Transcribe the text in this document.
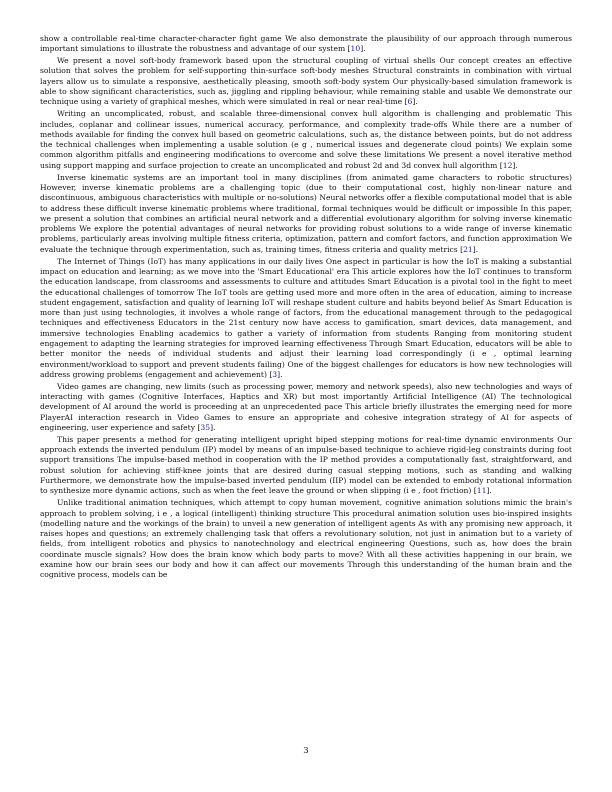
show a controllable real-time character-character fight game We also demonstrate the plausibility of our approach through numerous important simulations to illustrate the robustness and advantage of our system [10].

We present a novel soft-body framework based upon the structural coupling of virtual shells Our concept creates an effective solution that solves the problem for self-supporting thin-surface soft-body meshes Structural constraints in combination with virtual layers allow us to simulate a responsive, aesthetically pleasing, smooth soft-body system Our physically-based simulation framework is able to show significant characteristics, such as, jiggling and rippling behaviour, while remaining stable and usable We demonstrate our technique using a variety of graphical meshes, which were simulated in real or near real-time [6].

Writing an uncomplicated, robust, and scalable three-dimensional convex hull algorithm is challenging and problematic This includes, coplanar and collinear issues, numerical accuracy, performance, and complexity trade-offs While there are a number of methods available for finding the convex hull based on geometric calculations, such as, the distance between points, but do not address the technical challenges when implementing a usable solution (e g , numerical issues and degenerate cloud points) We explain some common algorithm pitfalls and engineering modifications to overcome and solve these limitations We present a novel iterative method using support mapping and surface projection to create an uncomplicated and robust 2d and 3d convex hull algorithm [12].

Inverse kinematic systems are an important tool in many disciplines (from animated game characters to robotic structures) However, inverse kinematic problems are a challenging topic (due to their computational cost, highly non-linear nature and discontinuous, ambiguous characteristics with multiple or no-solutions) Neural networks offer a flexible computational model that is able to address these difficult inverse kinematic problems where traditional, formal techniques would be difficult or impossible In this paper, we present a solution that combines an artificial neural network and a differential evolutionary algorithm for solving inverse kinematic problems We explore the potential advantages of neural networks for providing robust solutions to a wide range of inverse kinematic problems, particularly areas involving multiple fitness criteria, optimization, pattern and comfort factors, and function approximation We evaluate the technique through experimentation, such as, training times, fitness criteria and quality metrics [21].

The Internet of Things (IoT) has many applications in our daily lives One aspect in particular is how the IoT is making a substantial impact on education and learning; as we move into the 'Smart Educational' era This article explores how the IoT continues to transform the education landscape, from classrooms and assessments to culture and attitudes Smart Education is a pivotal tool in the fight to meet the educational challenges of tomorrow The IoT tools are getting used more and more often in the area of education, aiming to increase student engagement, satisfaction and quality of learning IoT will reshape student culture and habits beyond belief As Smart Education is more than just using technologies, it involves a whole range of factors, from the educational management through to the pedagogical techniques and effectiveness Educators in the 21st century now have access to gamification, smart devices, data management, and immersive technologies Enabling academics to gather a variety of information from students Ranging from monitoring student engagement to adapting the learning strategies for improved learning effectiveness Through Smart Education, educators will be able to better monitor the needs of individual students and adjust their learning load correspondingly (i e , optimal learning environment/workload to support and prevent students failing) One of the biggest challenges for educators is how new technologies will address growing problems (engagement and achievement) [3].

Video games are changing, new limits (such as processing power, memory and network speeds), also new technologies and ways of interacting with games (Cognitive Interfaces, Haptics and XR) but most importantly Artificial Intelligence (AI) The technological development of AI around the world is proceeding at an unprecedented pace This article briefly illustrates the emerging need for more PlayerAI interaction research in Video Games to ensure an appropriate and cohesive integration strategy of AI for aspects of engineering, user experience and safety [35].

This paper presents a method for generating intelligent upright biped stepping motions for real-time dynamic environments Our approach extends the inverted pendulum (IP) model by means of an impulse-based technique to achieve rigid-leg constraints during foot support transitions The impulse-based method in cooperation with the IP method provides a computationally fast, straightforward, and robust solution for achieving stiff-knee joints that are desired during casual stepping motions, such as standing and walking Furthermore, we demonstrate how the impulse-based inverted pendulum (IIP) model can be extended to embody rotational information to synthesize more dynamic actions, such as when the feet leave the ground or when slipping (i e , foot friction) [11].

Unlike traditional animation techniques, which attempt to copy human movement, cognitive animation solutions mimic the brain's approach to problem solving, i e , a logical (intelligent) thinking structure This procedural animation solution uses bio-inspired insights (modelling nature and the workings of the brain) to unveil a new generation of intelligent agents As with any promising new approach, it raises hopes and questions; an extremely challenging task that offers a revolutionary solution, not just in animation but to a variety of fields, from intelligent robotics and physics to nanotechnology and electrical engineering Questions, such as, how does the brain coordinate muscle signals? How does the brain know which body parts to move? With all these activities happening in our brain, we examine how our brain sees our body and how it can affect our movements Through this understanding of the human brain and the cognitive process, models can be

3
